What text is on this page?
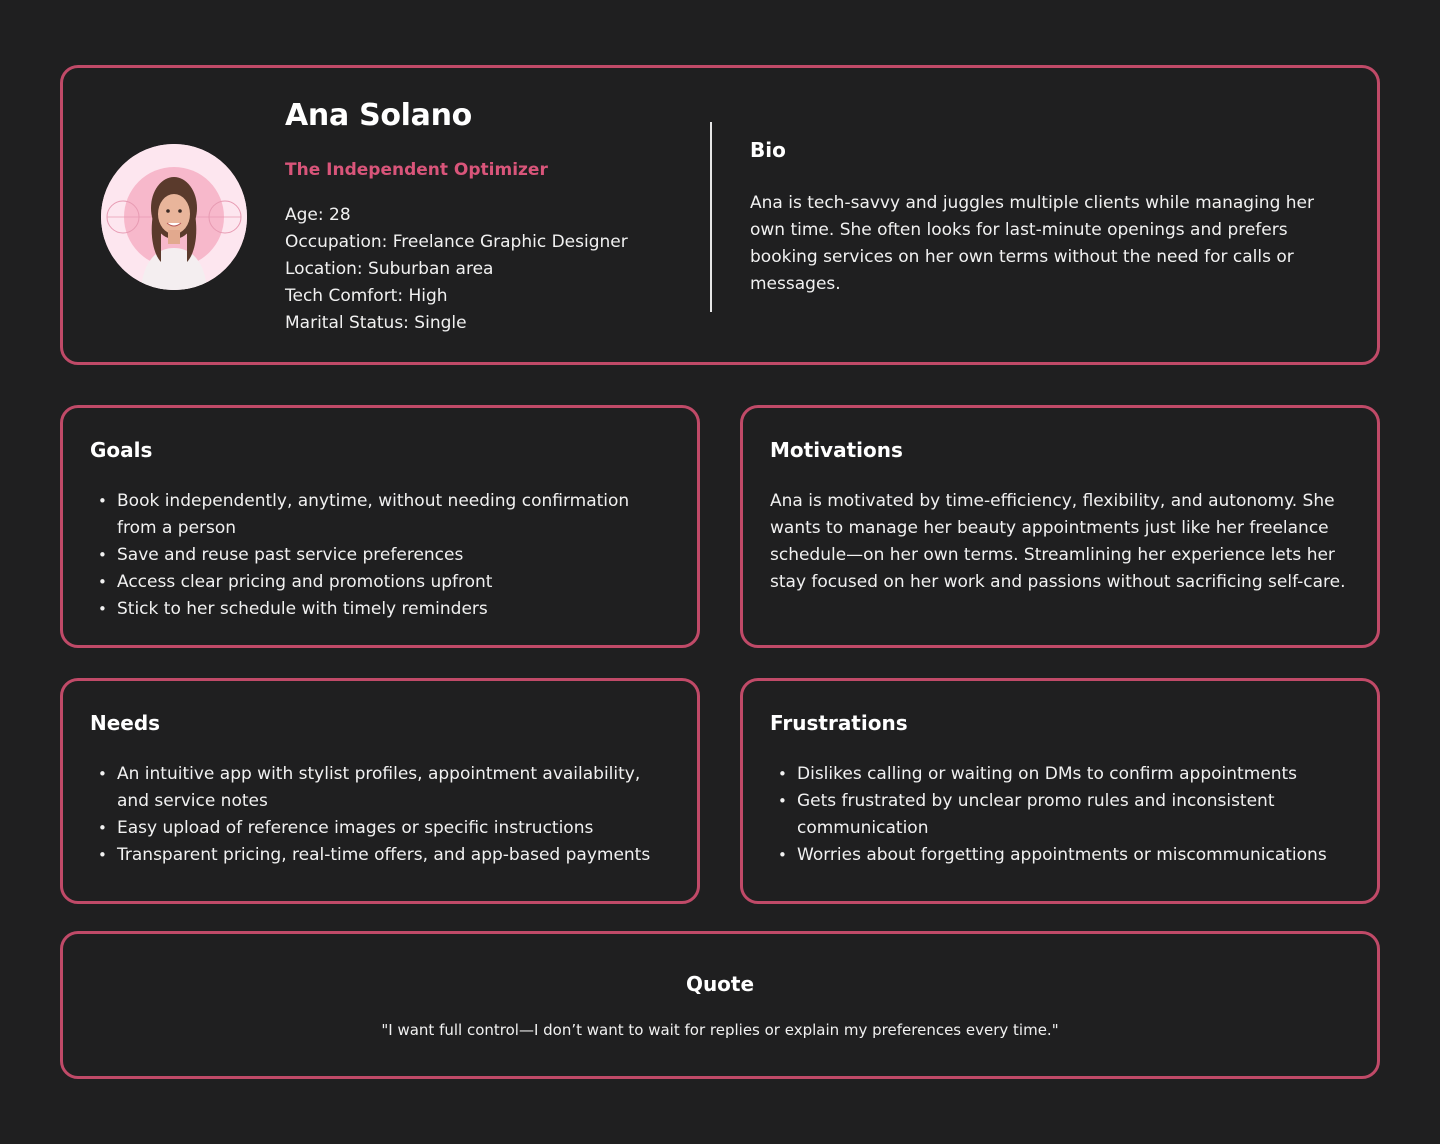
Ana Solano
The Independent Optimizer
Age: 28
Occupation: Freelance Graphic Designer
Location: Suburban area
Tech Comfort: High
Marital Status: Single
Bio
Ana is tech-savvy and juggles multiple clients while managing her own time. She often looks for last-minute openings and prefers booking services on her own terms without the need for calls or messages.
Goals
• Book independently, anytime, without needing confirmation from a person
• Save and reuse past service preferences
• Access clear pricing and promotions upfront
• Stick to her schedule with timely reminders
Motivations
Ana is motivated by time-efficiency, flexibility, and autonomy. She wants to manage her beauty appointments just like her freelance schedule—on her own terms. Streamlining her experience lets her stay focused on her work and passions without sacrificing self-care.
Needs
• An intuitive app with stylist profiles, appointment availability, and service notes
• Easy upload of reference images or specific instructions
• Transparent pricing, real-time offers, and app-based payments
Frustrations
• Dislikes calling or waiting on DMs to confirm appointments
• Gets frustrated by unclear promo rules and inconsistent communication
• Worries about forgetting appointments or miscommunications
Quote
"I want full control—I don’t want to wait for replies or explain my preferences every time."
